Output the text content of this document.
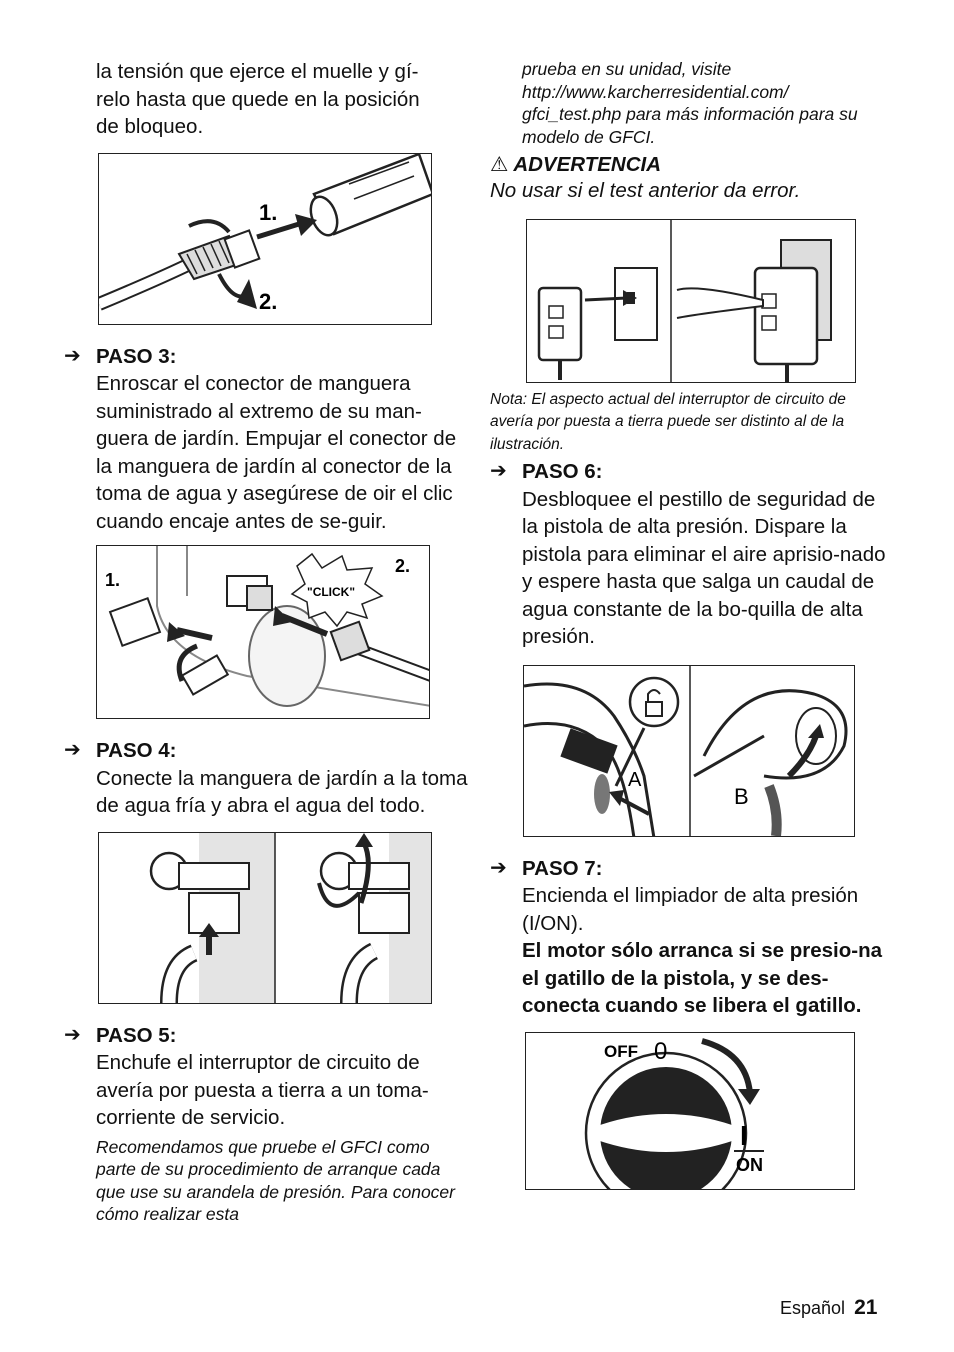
la tensión que ejerce el muelle y gí-
relo hasta que quede en la posición
de bloqueo.

1.
2.
➔ PASO 3:

Enroscar el conector de manguera suministrado al extremo de su man-guera de jardín. Empujar el conector de la manguera de jardín al conector de la toma de agua y asegúrese de oir el clic cuando encaje antes de se-guir.

"CLICK"
1.
2.
➔ PASO 4:

Conecte la manguera de jardín a la toma de agua fría y abra el agua del todo.

➔ PASO 5:

Enchufe el interruptor de circuito de avería por puesta a tierra a un toma-corriente de servicio.

Recomendamos que pruebe el GFCI como parte de su procedimiento de arranque cada que use su arandela de presión. Para conocer cómo realizar esta

prueba en su unidad, visite http://www.karcherresidential.com/ gfci_test.php para más información para su modelo de GFCI.

⚠ ADVERTENCIA

No usar si el test anterior da error.

Nota: El aspecto actual del interruptor de circuito de avería por puesta a tierra puede ser distinto al de la ilustración.

➔ PASO 6:

Desbloquee el pestillo de seguridad de la pistola de alta presión. Dispare la pistola para eliminar el aire aprisio-nado y espere hasta que salga un caudal de agua constante de la bo-quilla de alta presión.

A
B
➔ PASO 7:

Encienda el limpiador de alta presión (I/ON).

El motor sólo arranca si se presio-na el gatillo de la pistola, y se des-conecta cuando se libera el gatillo.

OFF 0
I
ON
Español 21
